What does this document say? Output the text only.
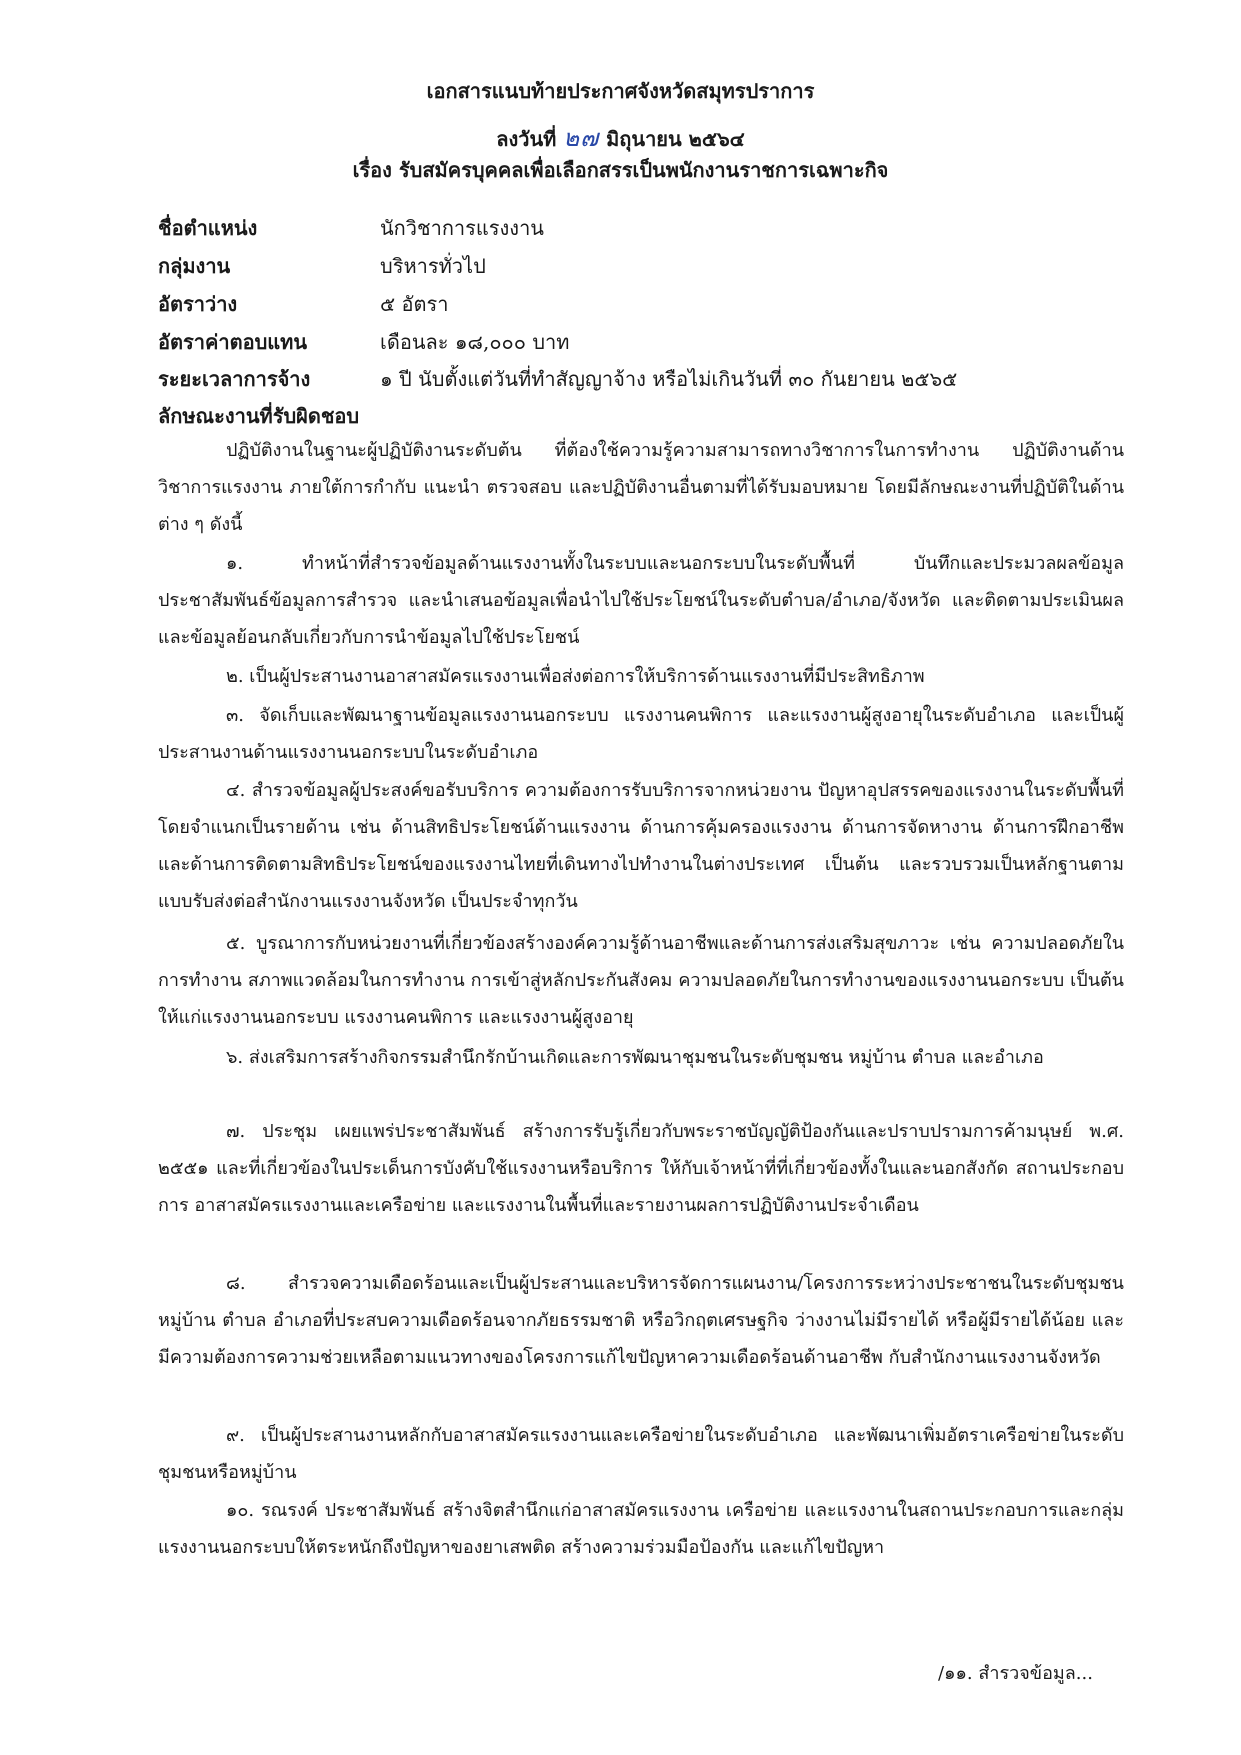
เอกสารแนบท้ายประกาศจังหวัดสมุทรปราการ
ลงวันที่ ๒๗ มิถุนายน ๒๕๖๔
เรื่อง รับสมัครบุคคลเพื่อเลือกสรรเป็นพนักงานราชการเฉพาะกิจ
ชื่อตำแหน่ง	นักวิชาการแรงงาน
กลุ่มงาน	บริหารทั่วไป
อัตราว่าง	๕ อัตรา
อัตราค่าตอบแทน	เดือนละ ๑๘,๐๐๐ บาท
ระยะเวลาการจ้าง	๑ ปี นับตั้งแต่วันที่ทำสัญญาจ้าง หรือไม่เกินวันที่ ๓๐ กันยายน ๒๕๖๕
ลักษณะงานที่รับผิดชอบ

ปฏิบัติงานในฐานะผู้ปฏิบัติงานระดับต้น ที่ต้องใช้ความรู้ความสามารถทางวิชาการในการทำงาน ปฏิบัติงานด้านวิชาการแรงงาน ภายใต้การกำกับ แนะนำ ตรวจสอบ และปฏิบัติงานอื่นตามที่ได้รับมอบหมาย โดยมีลักษณะงานที่ปฏิบัติในด้านต่าง ๆ ดังนี้

๑. ทำหน้าที่สำรวจข้อมูลด้านแรงงานทั้งในระบบและนอกระบบในระดับพื้นที่ บันทึกและประมวลผลข้อมูล ประชาสัมพันธ์ข้อมูลการสำรวจ และนำเสนอข้อมูลเพื่อนำไปใช้ประโยชน์ในระดับตำบล/อำเภอ/จังหวัด และติดตามประเมินผลและข้อมูลย้อนกลับเกี่ยวกับการนำข้อมูลไปใช้ประโยชน์

๒. เป็นผู้ประสานงานอาสาสมัครแรงงานเพื่อส่งต่อการให้บริการด้านแรงงานที่มีประสิทธิภาพ

๓. จัดเก็บและพัฒนาฐานข้อมูลแรงงานนอกระบบ แรงงานคนพิการ และแรงงานผู้สูงอายุในระดับอำเภอ และเป็นผู้ประสานงานด้านแรงงานนอกระบบในระดับอำเภอ

๔. สำรวจข้อมูลผู้ประสงค์ขอรับบริการ ความต้องการรับบริการจากหน่วยงาน ปัญหาอุปสรรคของแรงงานในระดับพื้นที่ โดยจำแนกเป็นรายด้าน เช่น ด้านสิทธิประโยชน์ด้านแรงงาน ด้านการคุ้มครองแรงงาน ด้านการจัดหางาน ด้านการฝึกอาชีพ และด้านการติดตามสิทธิประโยชน์ของแรงงานไทยที่เดินทางไปทำงานในต่างประเทศ เป็นต้น และรวบรวมเป็นหลักฐานตามแบบรับส่งต่อสำนักงานแรงงานจังหวัด เป็นประจำทุกวัน

๕. บูรณาการกับหน่วยงานที่เกี่ยวข้องสร้างองค์ความรู้ด้านอาชีพและด้านการส่งเสริมสุขภาวะ เช่น ความปลอดภัยในการทำงาน สภาพแวดล้อมในการทำงาน การเข้าสู่หลักประกันสังคม ความปลอดภัยในการทำงานของแรงงานนอกระบบ เป็นต้น ให้แก่แรงงานนอกระบบ แรงงานคนพิการ และแรงงานผู้สูงอายุ

๖. ส่งเสริมการสร้างกิจกรรมสำนึกรักบ้านเกิดและการพัฒนาชุมชนในระดับชุมชน หมู่บ้าน ตำบล และอำเภอ

๗. ประชุม เผยแพร่ประชาสัมพันธ์ สร้างการรับรู้เกี่ยวกับพระราชบัญญัติป้องกันและปราบปรามการค้ามนุษย์ พ.ศ. ๒๕๕๑ และที่เกี่ยวข้องในประเด็นการบังคับใช้แรงงานหรือบริการ ให้กับเจ้าหน้าที่ที่เกี่ยวข้องทั้งในและนอกสังกัด สถานประกอบการ อาสาสมัครแรงงานและเครือข่าย และแรงงานในพื้นที่และรายงานผลการปฏิบัติงานประจำเดือน

๘. สำรวจความเดือดร้อนและเป็นผู้ประสานและบริหารจัดการแผนงาน/โครงการระหว่างประชาชนในระดับชุมชน หมู่บ้าน ตำบล อำเภอที่ประสบความเดือดร้อนจากภัยธรรมชาติ หรือวิกฤตเศรษฐกิจ ว่างงานไม่มีรายได้ หรือผู้มีรายได้น้อย และมีความต้องการความช่วยเหลือตามแนวทางของโครงการแก้ไขปัญหาความเดือดร้อนด้านอาชีพ กับสำนักงานแรงงานจังหวัด

๙. เป็นผู้ประสานงานหลักกับอาสาสมัครแรงงานและเครือข่ายในระดับอำเภอ และพัฒนาเพิ่มอัตราเครือข่ายในระดับชุมชนหรือหมู่บ้าน

๑๐. รณรงค์ ประชาสัมพันธ์ สร้างจิตสำนึกแก่อาสาสมัครแรงงาน เครือข่าย และแรงงานในสถานประกอบการและกลุ่มแรงงานนอกระบบให้ตระหนักถึงปัญหาของยาเสพติด สร้างความร่วมมือป้องกัน และแก้ไขปัญหา

/๑๑. สำรวจข้อมูล...
